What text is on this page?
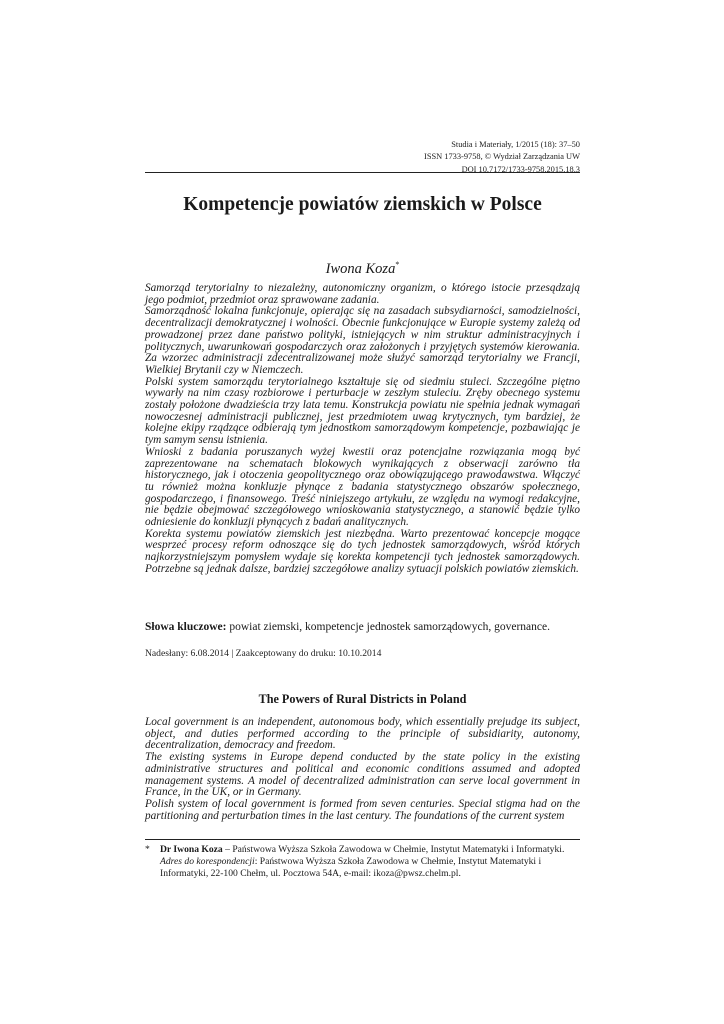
Studia i Materiały, 1/2015 (18): 37–50
ISSN 1733-9758, © Wydział Zarządzania UW
DOI 10.7172/1733-9758.2015.18.3
Kompetencje powiatów ziemskich w Polsce
Iwona Koza*

Samorząd terytorialny to niezależny, autonomiczny organizm, o którego istocie przesądzają jego podmiot, przedmiot oraz sprawowane zadania.

Samorządność lokalna funkcjonuje, opierając się na zasadach subsydiarności, samodzielności, decentralizacji demokratycznej i wolności. Obecnie funkcjonujące w Europie systemy zależą od prowadzonej przez dane państwo polityki, istniejących w nim struktur administracyjnych i politycznych, uwarunkowań gospodarczych oraz założonych i przyjętych systemów kierowania. Za wzorzec administracji zdecentralizowanej może służyć samorząd terytorialny we Francji, Wielkiej Brytanii czy w Niemczech.

Polski system samorządu terytorialnego kształtuje się od siedmiu stuleci. Szczególne piętno wywarły na nim czasy rozbiorowe i perturbacje w zeszłym stuleciu. Zręby obecnego systemu zostały położone dwadzieścia trzy lata temu. Konstrukcja powiatu nie spełnia jednak wymagań nowoczesnej administracji publicznej, jest przedmiotem uwag krytycznych, tym bardziej, że kolejne ekipy rządzące odbierają tym jednostkom samorządowym kompetencje, pozbawiając je tym samym sensu istnienia.

Wnioski z badania poruszanych wyżej kwestii oraz potencjalne rozwiązania mogą być zaprezentowane na schematach blokowych wynikających z obserwacji zarówno tła historycznego, jak i otoczenia geopolitycznego oraz obowiązującego prawodawstwa. Włączyć tu również można konkluzje płynące z badania statystycznego obszarów społecznego, gospodarczego, i finansowego. Treść niniejszego artykułu, ze względu na wymogi redakcyjne, nie będzie obejmować szczegółowego wnioskowania statystycznego, a stanowić będzie tylko odniesienie do konkluzji płynących z badań analitycznych.

Korekta systemu powiatów ziemskich jest niezbędna. Warto prezentować koncepcje mogące wesprzeć procesy reform odnoszące się do tych jednostek samorządowych, wśród których najkorzystniejszym pomysłem wydaje się korekta kompetencji tych jednostek samorządowych. Potrzebne są jednak dalsze, bardziej szczegółowe analizy sytuacji polskich powiatów ziemskich.

Słowa kluczowe: powiat ziemski, kompetencje jednostek samorządowych, governance.
Nadesłany: 6.08.2014 | Zaakceptowany do druku: 10.10.2014
The Powers of Rural Districts in Poland

Local government is an independent, autonomous body, which essentially prejudge its subject, object, and duties performed according to the principle of subsidiarity, autonomy, decentralization, democracy and freedom.

The existing systems in Europe depend conducted by the state policy in the existing administrative structures and political and economic conditions assumed and adopted management systems. A model of decentralized administration can serve local government in France, in the UK, or in Germany.

Polish system of local government is formed from seven centuries. Special stigma had on the partitioning and perturbation times in the last century. The foundations of the current system

* Dr Iwona Koza – Państwowa Wyższa Szkoła Zawodowa w Chełmie, Instytut Matematyki i Informatyki. Adres do korespondencji: Państwowa Wyższa Szkoła Zawodowa w Chełmie, Instytut Matematyki i Informatyki, 22-100 Chełm, ul. Pocztowa 54A, e-mail: ikoza@pwsz.chelm.pl.
